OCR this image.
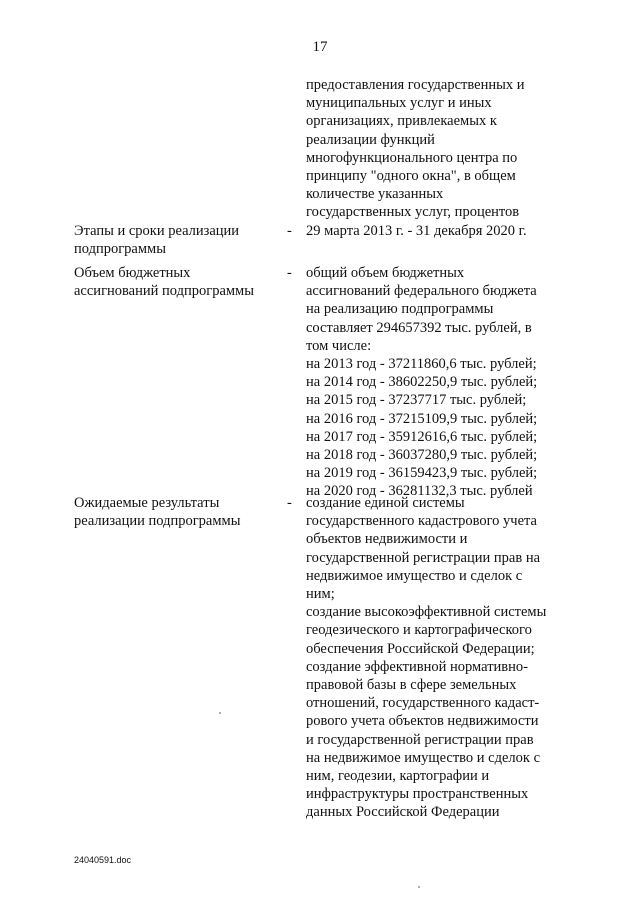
17
предоставления государственных и
муниципальных услуг и иных
организациях, привлекаемых к
реализации функций
многофункционального центра по
принципу "одного окна", в общем
количестве указанных
государственных услуг, процентов
Этапы и сроки реализации
подпрограммы
- 29 марта 2013 г. - 31 декабря 2020 г.
Объем бюджетных
ассигнований подпрограммы
- общий объем бюджетных
ассигнований федерального бюджета
на реализацию подпрограммы
составляет 294657392 тыс. рублей, в
том числе:
на 2013 год - 37211860,6 тыс. рублей;
на 2014 год - 38602250,9 тыс. рублей;
на 2015 год - 37237717 тыс. рублей;
на 2016 год - 37215109,9 тыс. рублей;
на 2017 год - 35912616,6 тыс. рублей;
на 2018 год - 36037280,9 тыс. рублей;
на 2019 год - 36159423,9 тыс. рублей;
на 2020 год - 36281132,3 тыс. рублей
Ожидаемые результаты
реализации подпрограммы
- создание единой системы
государственного кадастрового учета
объектов недвижимости и
государственной регистрации прав на
недвижимое имущество и сделок с
ним;
создание высокоэффективной системы
геодезического и картографического
обеспечения Российской Федерации;
создание эффективной нормативно-
правовой базы в сфере земельных
отношений, государственного кадаст-
рового учета объектов недвижимости
и государственной регистрации прав
на недвижимое имущество и сделок с
ним, геодезии, картографии и
инфраструктуры пространственных
данных Российской Федерации
24040591.doc
